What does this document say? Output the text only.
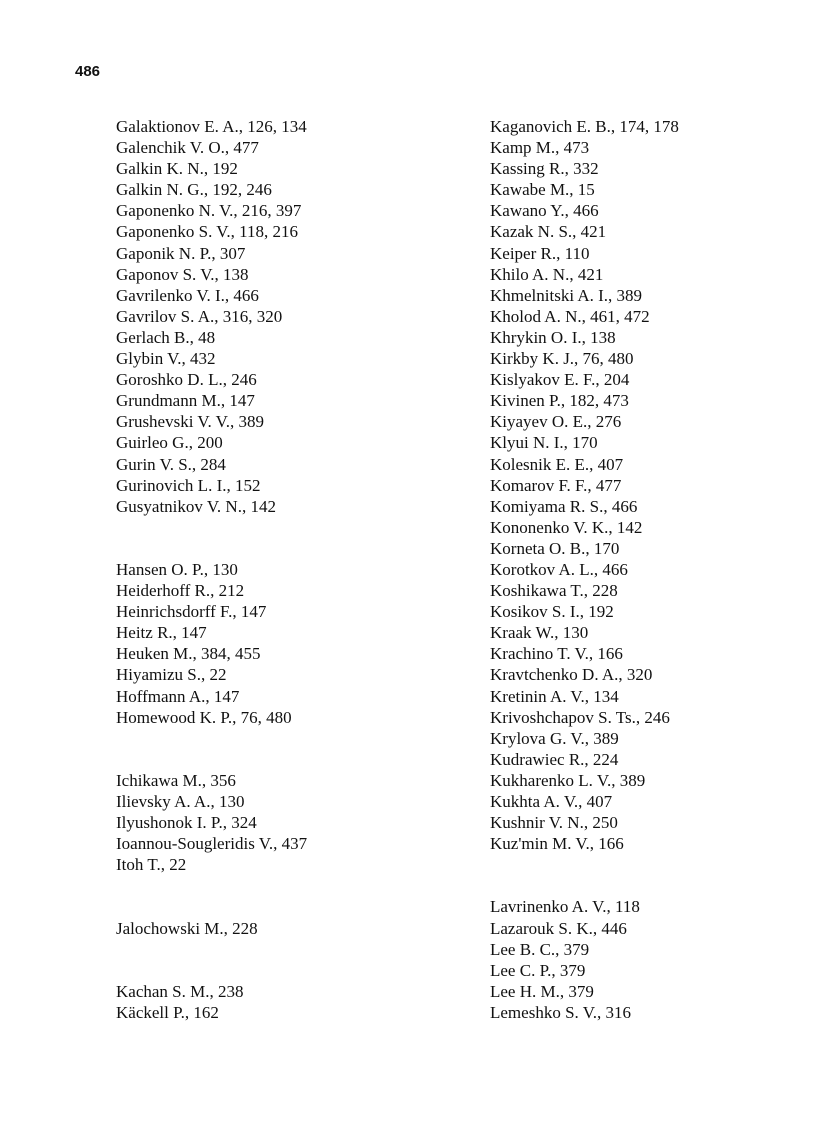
486

Galaktionov E. A., 126, 134
Galenchik V. O., 477
Galkin K. N., 192
Galkin N. G., 192, 246
Gaponenko N. V., 216, 397
Gaponenko S. V., 118, 216
Gaponik N. P., 307
Gaponov S. V., 138
Gavrilenko V. I., 466
Gavrilov S. A., 316, 320
Gerlach B., 48
Glybin V., 432
Goroshko D. L., 246
Grundmann M., 147
Grushevski V. V., 389
Guirleo G., 200
Gurin V. S., 284
Gurinovich L. I., 152
Gusyatnikov V. N., 142
Hansen O. P., 130
Heiderhoff R., 212
Heinrichsdorff F., 147
Heitz R., 147
Heuken M., 384, 455
Hiyamizu S., 22
Hoffmann A., 147
Homewood K. P., 76, 480
Ichikawa M., 356
Ilievsky A. A., 130
Ilyushonok I. P., 324
Ioannou-Sougleridis V., 437
Itoh T., 22
Jalochowski M., 228
Kachan S. M., 238
Käckell P., 162
Kaganovich E. B., 174, 178
Kamp M., 473
Kassing R., 332
Kawabe M., 15
Kawano Y., 466
Kazak N. S., 421
Keiper R., 110
Khilo A. N., 421
Khmelnitski A. I., 389
Kholod A. N., 461, 472
Khrykin O. I., 138
Kirkby K. J., 76, 480
Kislyakov E. F., 204
Kivinen P., 182, 473
Kiyayev O. E., 276
Klyui N. I., 170
Kolesnik E. E., 407
Komarov F. F., 477
Komiyama R. S., 466
Kononenko V. K., 142
Korneta O. B., 170
Korotkov A. L., 466
Koshikawa T., 228
Kosikov S. I., 192
Kraak W., 130
Krachino T. V., 166
Kravtchenko D. A., 320
Kretinin A. V., 134
Krivoshchapov S. Ts., 246
Krylova G. V., 389
Kudrawiec R., 224
Kukharenko L. V., 389
Kukhta A. V., 407
Kushnir V. N., 250
Kuz'min M. V., 166
Lavrinenko A. V., 118
Lazarouk S. K., 446
Lee B. C., 379
Lee C. P., 379
Lee H. M., 379
Lemeshko S. V., 316
